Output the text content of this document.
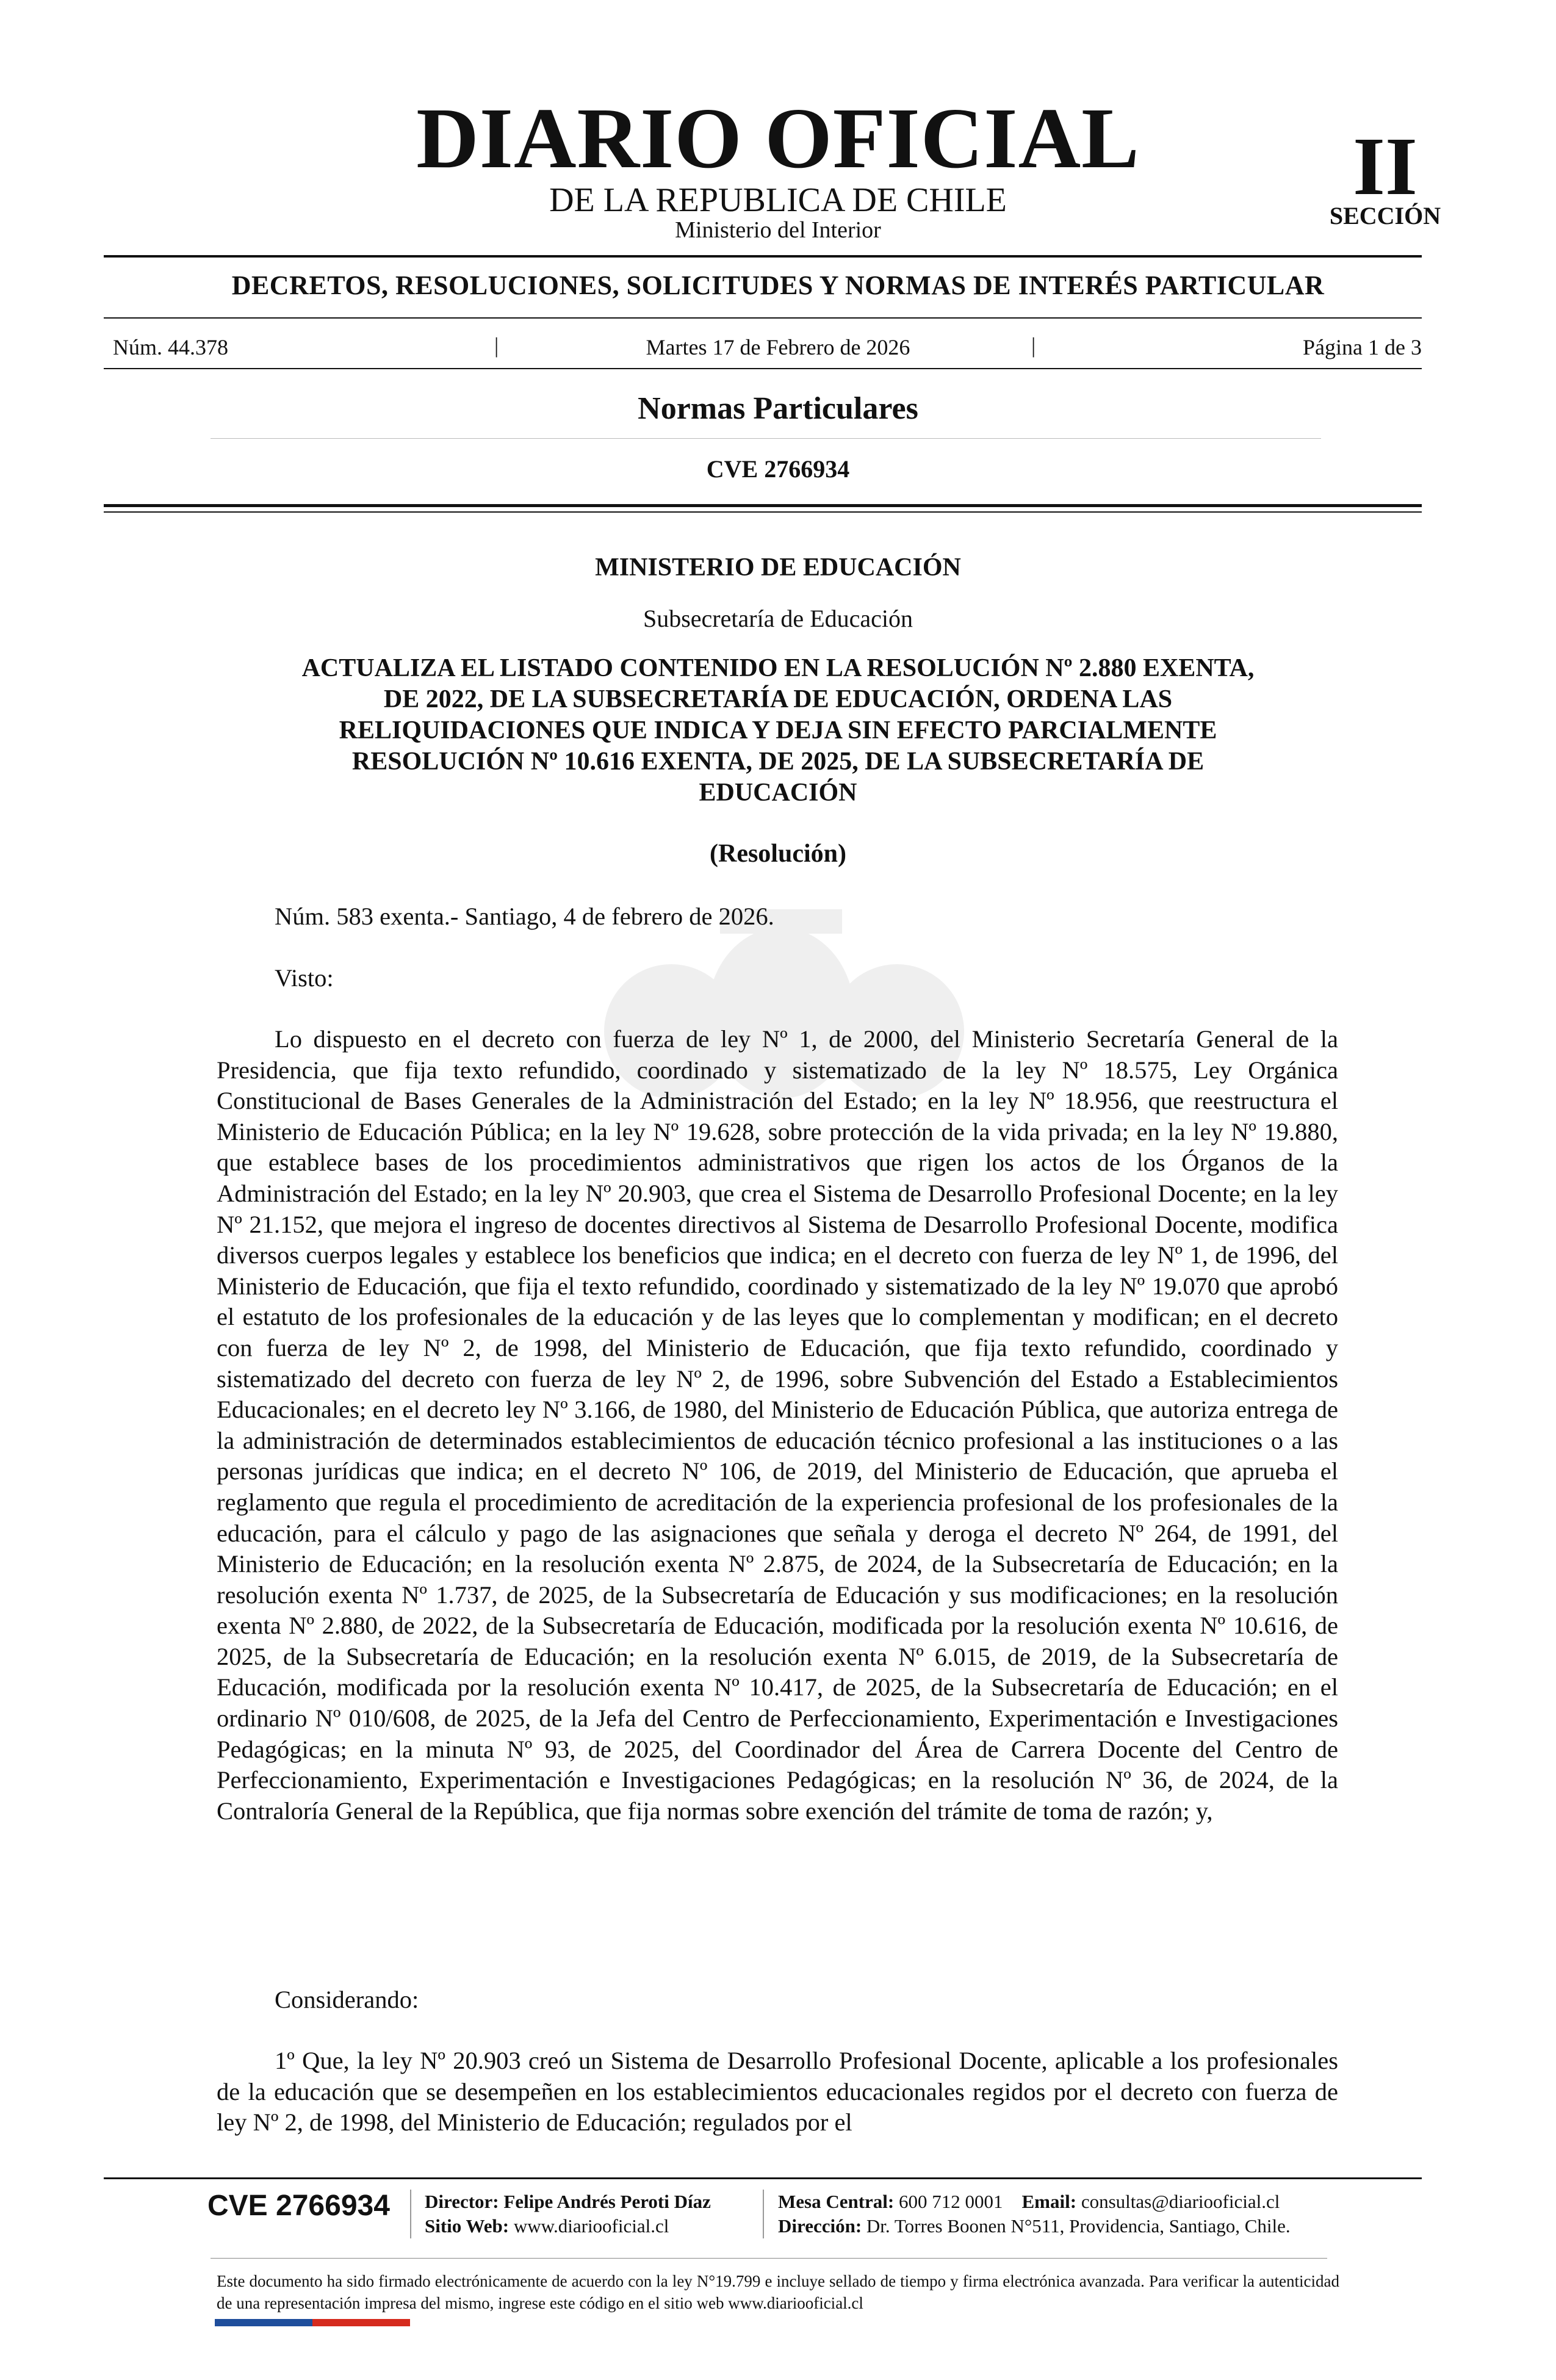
DIARIO OFICIAL
DE LA REPUBLICA DE CHILE
Ministerio del Interior
II
SECCIÓN
DECRETOS, RESOLUCIONES, SOLICITUDES Y NORMAS DE INTERÉS PARTICULAR
Núm. 44.378	|	Martes 17 de Febrero de 2026	|	Página 1 de 3
Normas Particulares
CVE 2766934
MINISTERIO DE EDUCACIÓN
Subsecretaría de Educación
ACTUALIZA EL LISTADO CONTENIDO EN LA RESOLUCIÓN Nº 2.880 EXENTA,
DE 2022, DE LA SUBSECRETARÍA DE EDUCACIÓN, ORDENA LAS
RELIQUIDACIONES QUE INDICA Y DEJA SIN EFECTO PARCIALMENTE
RESOLUCIÓN Nº 10.616 EXENTA, DE 2025, DE LA SUBSECRETARÍA DE
EDUCACIÓN
(Resolución)

Núm. 583 exenta.- Santiago, 4 de febrero de 2026.

Visto:

Lo dispuesto en el decreto con fuerza de ley Nº 1, de 2000, del Ministerio Secretaría General de la Presidencia, que fija texto refundido, coordinado y sistematizado de la ley Nº 18.575, Ley Orgánica Constitucional de Bases Generales de la Administración del Estado; en la ley Nº 18.956, que reestructura el Ministerio de Educación Pública; en la ley Nº 19.628, sobre protección de la vida privada; en la ley Nº 19.880, que establece bases de los procedimientos administrativos que rigen los actos de los Órganos de la Administración del Estado; en la ley Nº 20.903, que crea el Sistema de Desarrollo Profesional Docente; en la ley Nº 21.152, que mejora el ingreso de docentes directivos al Sistema de Desarrollo Profesional Docente, modifica diversos cuerpos legales y establece los beneficios que indica; en el decreto con fuerza de ley Nº 1, de 1996, del Ministerio de Educación, que fija el texto refundido, coordinado y sistematizado de la ley Nº 19.070 que aprobó el estatuto de los profesionales de la educación y de las leyes que lo complementan y modifican; en el decreto con fuerza de ley Nº 2, de 1998, del Ministerio de Educación, que fija texto refundido, coordinado y sistematizado del decreto con fuerza de ley Nº 2, de 1996, sobre Subvención del Estado a Establecimientos Educacionales; en el decreto ley Nº 3.166, de 1980, del Ministerio de Educación Pública, que autoriza entrega de la administración de determinados establecimientos de educación técnico profesional a las instituciones o a las personas jurídicas que indica; en el decreto Nº 106, de 2019, del Ministerio de Educación, que aprueba el reglamento que regula el procedimiento de acreditación de la experiencia profesional de los profesionales de la educación, para el cálculo y pago de las asignaciones que señala y deroga el decreto Nº 264, de 1991, del Ministerio de Educación; en la resolución exenta Nº 2.875, de 2024, de la Subsecretaría de Educación; en la resolución exenta Nº 1.737, de 2025, de la Subsecretaría de Educación y sus modificaciones; en la resolución exenta Nº 2.880, de 2022, de la Subsecretaría de Educación, modificada por la resolución exenta Nº 10.616, de 2025, de la Subsecretaría de Educación; en la resolución exenta Nº 6.015, de 2019, de la Subsecretaría de Educación, modificada por la resolución exenta Nº 10.417, de 2025, de la Subsecretaría de Educación; en el ordinario Nº 010/608, de 2025, de la Jefa del Centro de Perfeccionamiento, Experimentación e Investigaciones Pedagógicas; en la minuta Nº 93, de 2025, del Coordinador del Área de Carrera Docente del Centro de Perfeccionamiento, Experimentación e Investigaciones Pedagógicas; en la resolución Nº 36, de 2024, de la Contraloría General de la República, que fija normas sobre exención del trámite de toma de razón; y,

Considerando:

1º Que, la ley Nº 20.903 creó un Sistema de Desarrollo Profesional Docente, aplicable a los profesionales de la educación que se desempeñen en los establecimientos educacionales regidos por el decreto con fuerza de ley Nº 2, de 1998, del Ministerio de Educación; regulados por el

CVE 2766934 Director: Felipe Andrés Peroti Díaz
Sitio Web: www.diariooficial.cl
Mesa Central: 600 712 0001 Email: consultas@diariooficial.cl
Dirección: Dr. Torres Boonen N°511, Providencia, Santiago, Chile.

Este documento ha sido firmado electrónicamente de acuerdo con la ley N°19.799 e incluye sellado de tiempo y firma electrónica avanzada. Para verificar la autenticidad de una representación impresa del mismo, ingrese este código en el sitio web www.diariooficial.cl
